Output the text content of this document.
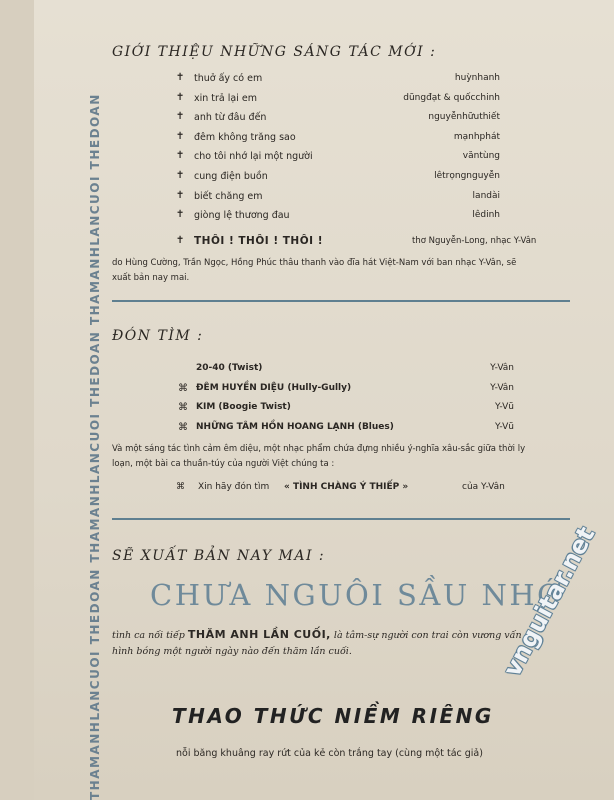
THAMANHLANCUOI THEDOAN THAMANHLANCUOI THEDOAN THAMANHLANCUOI THEDOAN
GIỚI THIỆU NHỮNG SÁNG TÁC MỚI :
✝ thuở ấy có em	huỳnhanh
✝ xin trả lại em	dũngđạt & quốcchinh
✝ anh từ đâu đến	nguyễnhữuthiết
✝ đêm không trăng sao	mạnhphát
✝ cho tôi nhớ lại một người	văntùng
✝ cung điện buồn	lêtrọngnguyễn
✝ biết chăng em	landài
✝ giòng lệ thương đau	lêdinh
✝ THÔI ! THÔI ! THÔI !	thơ Nguyễn-Long, nhạc Y-Vân
do Hùng Cường, Trần Ngọc, Hồng Phúc thâu thanh vào đĩa hát Việt-Nam với ban nhạc Y-Vân, sẽ
xuất bản nay mai.
ĐÓN TÌM :
20-40 (Twist)	Y-Vân
⌘ ĐÊM HUYỀN DIỆU (Hully-Gully)	Y-Vân
⌘ KIM (Boogie Twist)	Y-Vũ
⌘ NHỮNG TÂM HỒN HOANG LẠNH (Blues)	Y-Vũ
Và một sáng tác tình cảm êm diệu, một nhạc phẩm chứa đựng nhiều ý-nghĩa xâu-sắc giữa thời ly
loạn, một bài ca thuần-túy của người Việt chúng ta :
⌘ Xin hãy đón tìm « TÌNH CHÀNG Ý THIẾP »	của Y-Vân
SẼ XUẤT BẢN NAY MAI :
CHƯA NGUÔI SẦU NHỚ
tình ca nối tiếp THĂM ANH LẦN CUỐI, là tâm-sự người con trai còn vương vấn
hình bóng một người ngày nào đến thăm lần cuối.
THAO THỨC NIỀM RIÊNG
nỗi băng khuâng ray rứt của kẻ còn trắng tay (cùng một tác giả)
vnguitar.net
